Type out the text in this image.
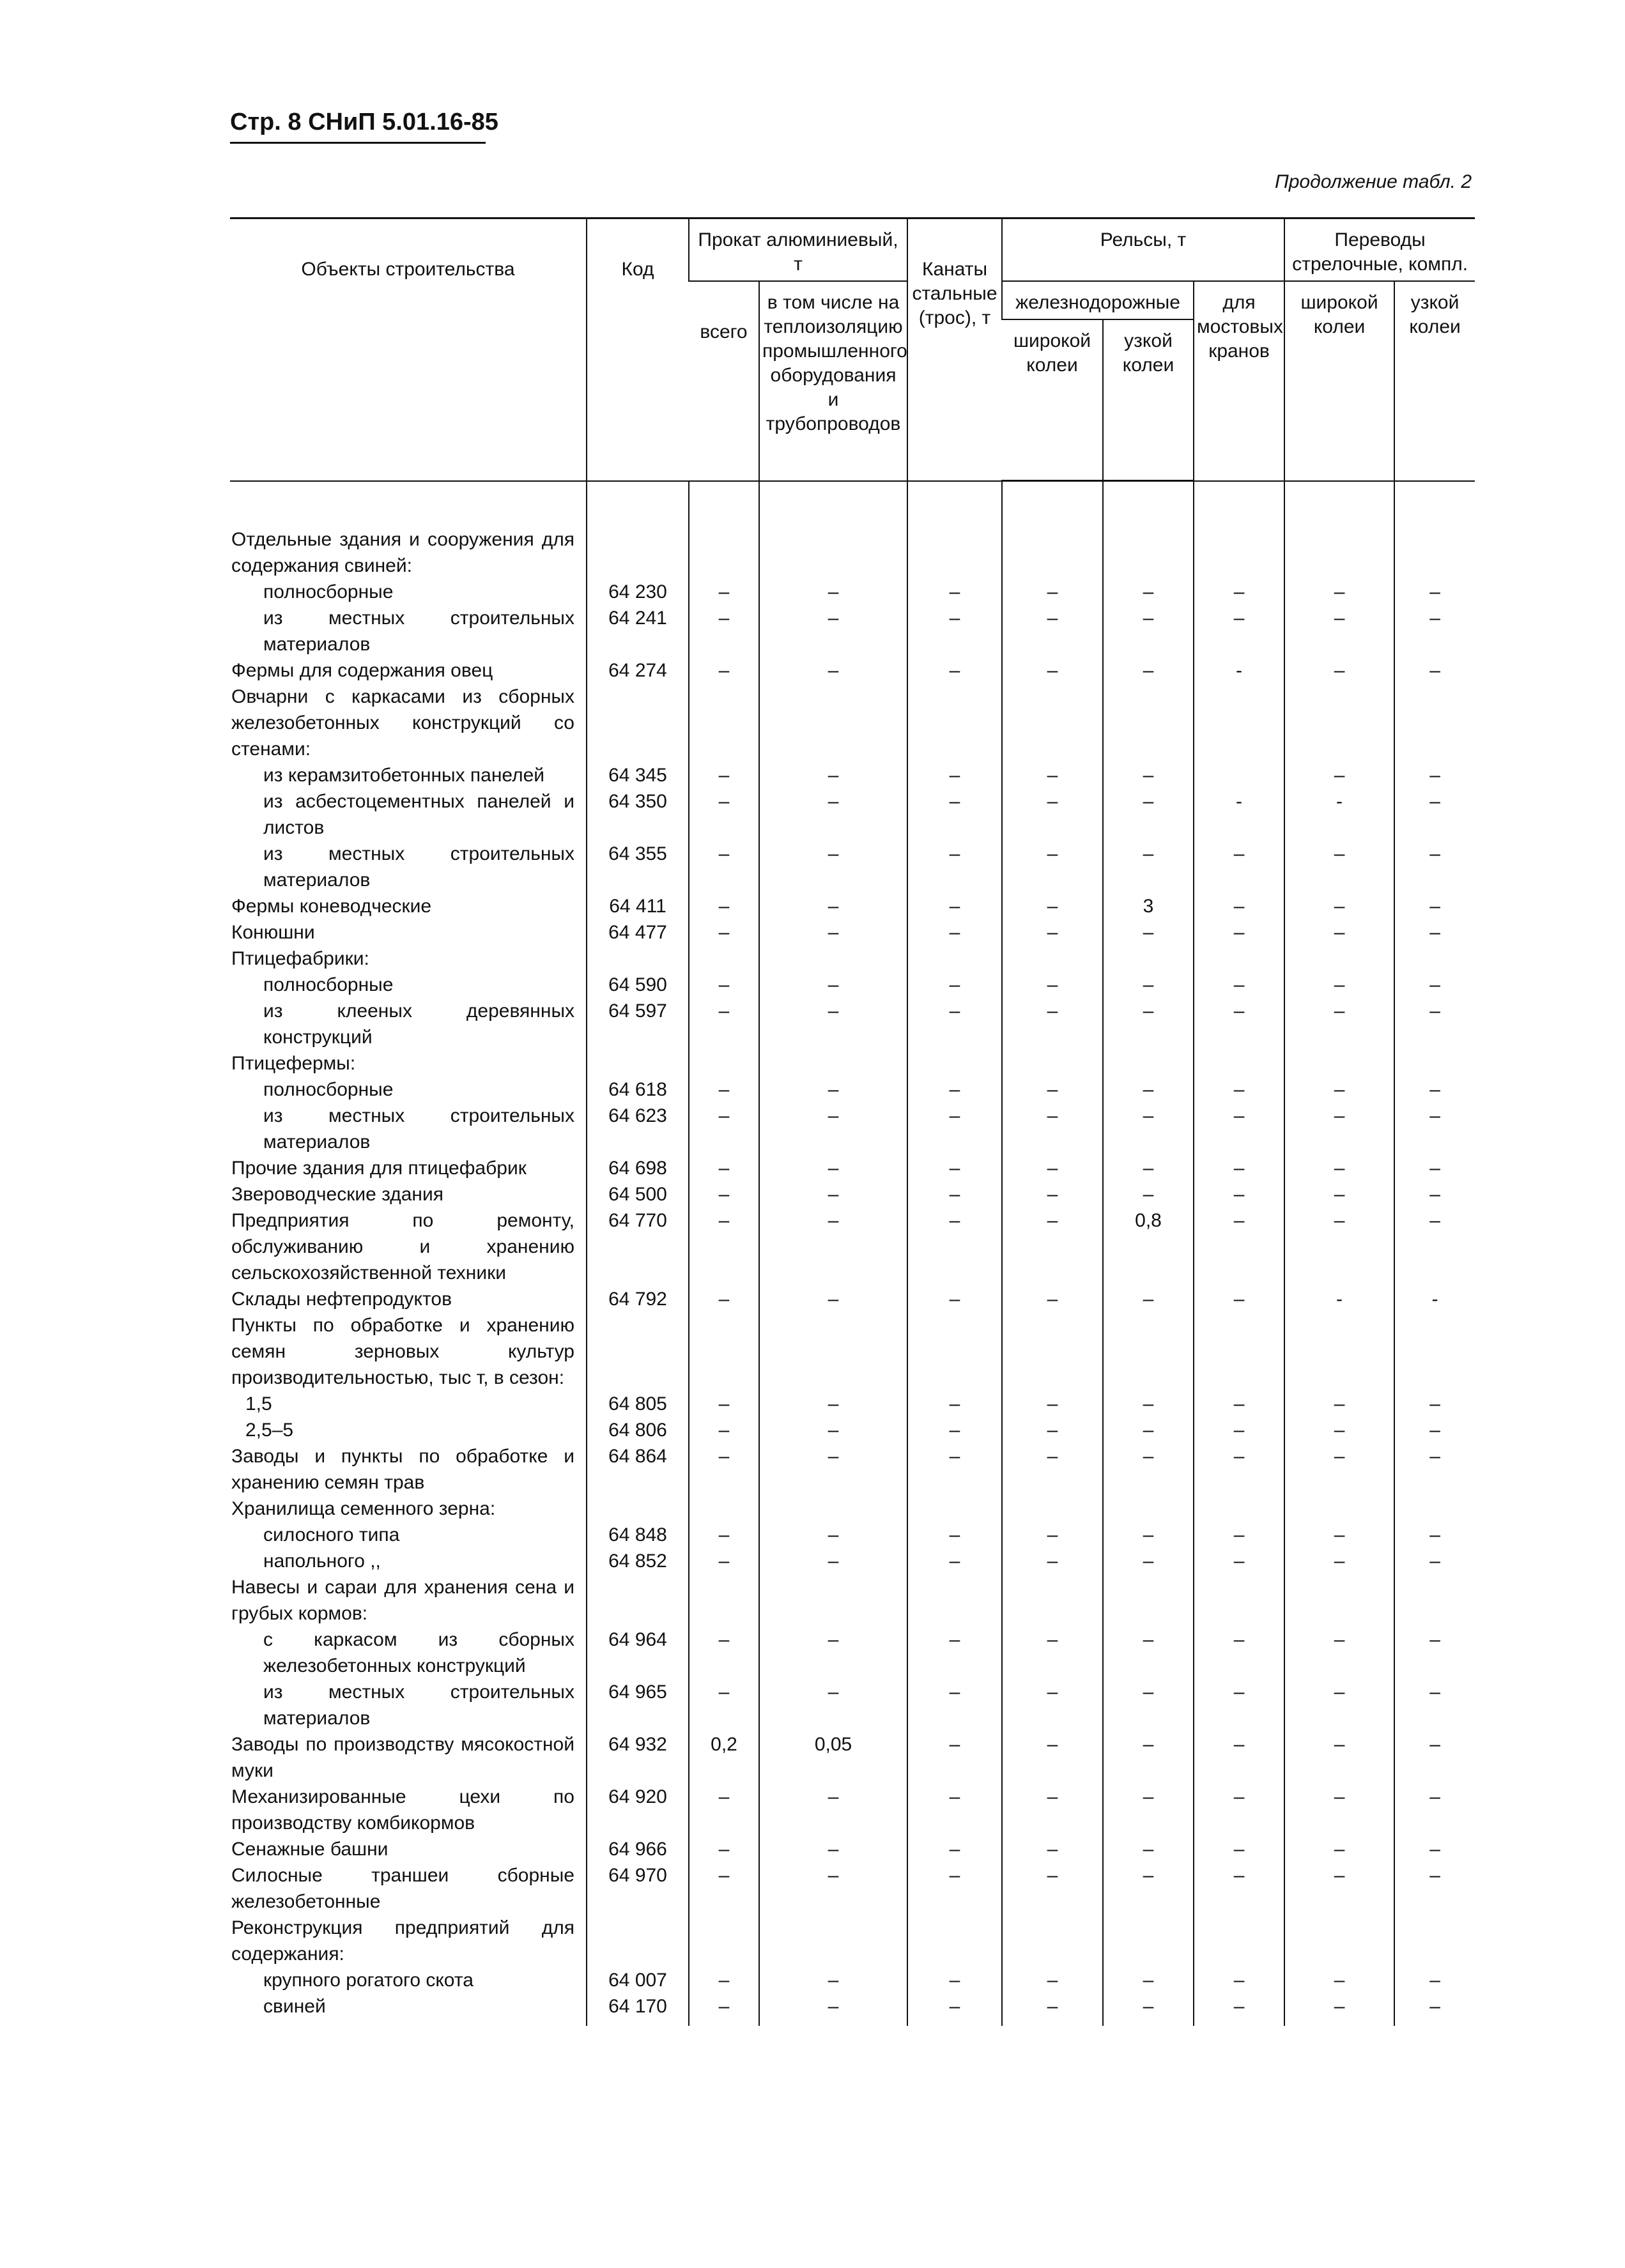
Стр. 8 СНиП 5.01.16-85
Продолжение табл. 2
Объекты строительства	Код	Прокат алюминиевый, т		Канаты стальные (трос), т	Рельсы, т			Переводы стрелочные, компл.	
		всего	в том числе на теплоизоляцию промышленного оборудования и трубопроводов		железнодорожные		для мостовых кранов	широкой колеи	узкой колеи
					широкой колеи	узкой колеи			

Отдельные здания и сооружения для содержания свиней:									
полносборные	64 230	–	–	–	–	–	–	–	–
из местных строительных материалов	64 241	–	–	–	–	–	–	–	–
Фермы для содержания овец	64 274	–	–	–	–	–	-	–	–
Овчарни с каркасами из сборных железобетонных конструкций со стенами:									
из керамзитобетонных панелей	64 345	–	–	–	–	–		–	–
из асбестоцементных панелей и листов	64 350	–	–	–	–	–	-	-	–
из местных строительных материалов	64 355	–	–	–	–	–	–	–	–
Фермы коневодческие	64 411	–	–	–	–	3	–	–	–
Конюшни	64 477	–	–	–	–	–	–	–	–
Птицефабрики:									
полносборные	64 590	–	–	–	–	–	–	–	–
из клееных деревянных конструкций	64 597	–	–	–	–	–	–	–	–
Птицефермы:									
полносборные	64 618	–	–	–	–	–	–	–	–
из местных строительных материалов	64 623	–	–	–	–	–	–	–	–
Прочие здания для птицефабрик	64 698	–	–	–	–	–	–	–	–
Звероводческие здания	64 500	–	–	–	–	–	–	–	–
Предприятия по ремонту, обслуживанию и хранению сельскохозяйственной техники	64 770	–	–	–	–	0,8	–	–	–
Склады нефтепродуктов	64 792	–	–	–	–	–	–	-	-
Пункты по обработке и хранению семян зерновых культур производительностью, тыс т, в сезон:									
1,5	64 805	–	–	–	–	–	–	–	–
2,5–5	64 806	–	–	–	–	–	–	–	–
Заводы и пункты по обработке и хранению семян трав	64 864	–	–	–	–	–	–	–	–
Хранилища семенного зерна:									
силосного типа	64 848	–	–	–	–	–	–	–	–
напольного ,,	64 852	–	–	–	–	–	–	–	–
Навесы и сараи для хранения сена и грубых кормов:									
с каркасом из сборных железобетонных конструкций	64 964	–	–	–	–	–	–	–	–
из местных строительных материалов	64 965	–	–	–	–	–	–	–	–
Заводы по производству мясокостной муки	64 932	0,2	0,05	–	–	–	–	–	–
Механизированные цехи по производству комбикормов	64 920	–	–	–	–	–	–	–	–
Сенажные башни	64 966	–	–	–	–	–	–	–	–
Силосные траншеи сборные железобетонные	64 970	–	–	–	–	–	–	–	–
Реконструкция предприятий для содержания:									
крупного рогатого скота	64 007	–	–	–	–	–	–	–	–
свиней	64 170	–	–	–	–	–	–	–	–
